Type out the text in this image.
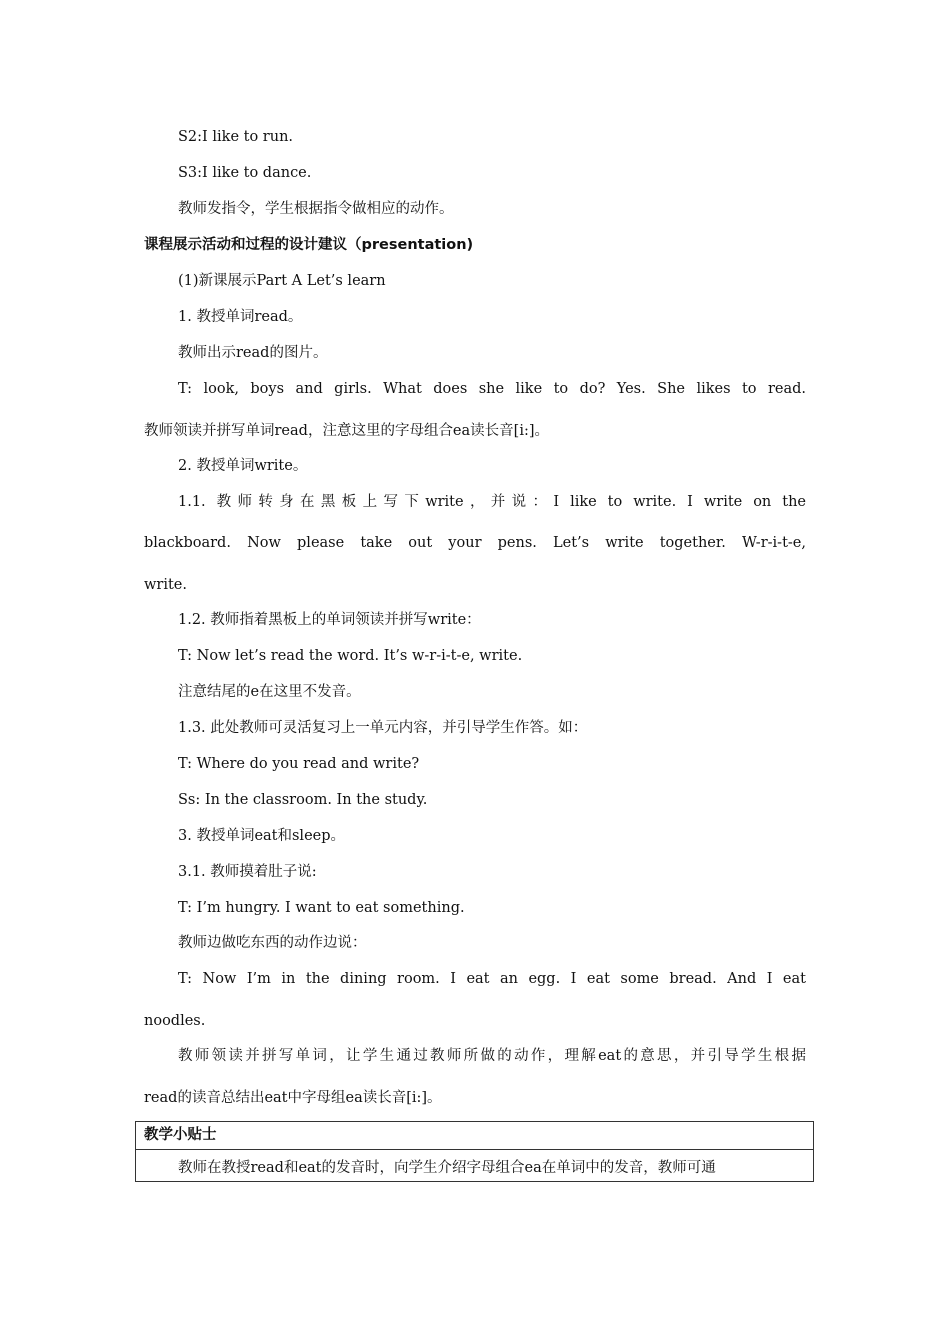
S2:I like to run.
S3:I like to dance.
教师发指令，学生根据指令做相应的动作。
课程展示活动和过程的设计建议（presentation)
(1)新课展示Part A Let’s learn
1. 教授单词read。
教师出示read的图片。
T: look, boys and girls. What does she like to do? Yes. She likes to read.
教师领读并拼写单词read，注意这里的字母组合ea读长音[i:]。
2. 教授单词write。
1.1. 教师转身在黑板上写下write，并说：I like to write. I write on the
blackboard. Now please take out your pens. Let’s write together. W-r-i-t-e,
write.
1.2. 教师指着黑板上的单词领读并拼写write：
T: Now let’s read the word. It’s w-r-i-t-e, write.
注意结尾的e在这里不发音。
1.3. 此处教师可灵活复习上一单元内容，并引导学生作答。如：
T: Where do you read and write?
Ss: In the classroom. In the study.
3. 教授单词eat和sleep。
3.1. 教师摸着肚子说:
T: I’m hungry. I want to eat something.
教师边做吃东西的动作边说：
T: Now I’m in the dining room. I eat an egg. I eat some bread. And I eat
noodles.
教师领读并拼写单词，让学生通过教师所做的动作，理解eat的意思，并引导学生根据
read的读音总结出eat中字母组ea读长音[i:]。
教学小贴士
教师在教授read和eat的发音时，向学生介绍字母组合ea在单词中的发音，教师可通
